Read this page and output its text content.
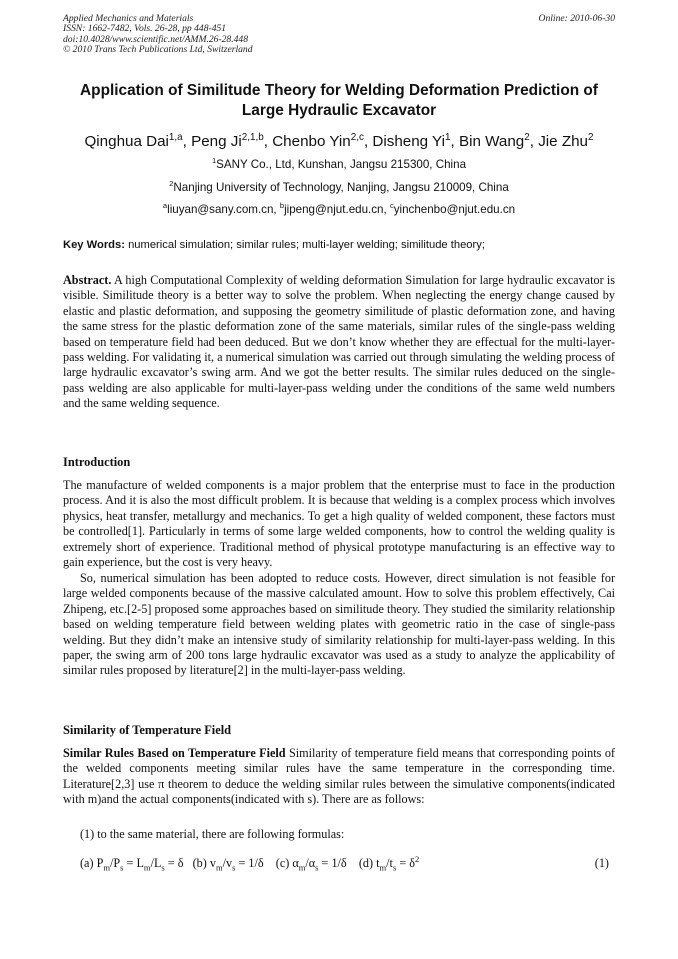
Applied Mechanics and Materials
ISSN: 1662-7482, Vols. 26-28, pp 448-451
doi:10.4028/www.scientific.net/AMM.26-28.448
© 2010 Trans Tech Publications Ltd, Switzerland
Online: 2010-06-30
Application of Similitude Theory for Welding Deformation Prediction of Large Hydraulic Excavator
Qinghua Dai$^{1,a}$, Peng Ji$^{2,1,b}$, Chenbo Yin$^{2,c}$, Disheng Yi$^1$, Bin Wang$^2$, Jie Zhu$^2$
$^1$SANY Co., Ltd, Kunshan, Jangsu 215300, China
$^2$Nanjing University of Technology, Nanjing, Jangsu 210009, China
$^a$liuyan@sany.com.cn, $^b$jipeng@njut.edu.cn, $^c$yinchenbo@njut.edu.cn
Key Words: numerical simulation; similar rules; multi-layer welding; similitude theory;
Abstract. A high Computational Complexity of welding deformation Simulation for large hydraulic excavator is visible. Similitude theory is a better way to solve the problem. When neglecting the energy change caused by elastic and plastic deformation, and supposing the geometry similitude of plastic deformation zone, and having the same stress for the plastic deformation zone of the same materials, similar rules of the single-pass welding based on temperature field had been deduced. But we don’t know whether they are effectual for the multi-layer-pass welding. For validating it, a numerical simulation was carried out through simulating the welding process of large hydraulic excavator’s swing arm. And we got the better results. The similar rules deduced on the single-pass welding are also applicable for multi-layer-pass welding under the conditions of the same weld numbers and the same welding sequence.
Introduction
The manufacture of welded components is a major problem that the enterprise must to face in the production process. And it is also the most difficult problem. It is because that welding is a complex process which involves physics, heat transfer, metallurgy and mechanics. To get a high quality of welded component, these factors must be controlled[1]. Particularly in terms of some large welded components, how to control the welding quality is extremely short of experience. Traditional method of physical prototype manufacturing is an effective way to gain experience, but the cost is very heavy.
So, numerical simulation has been adopted to reduce costs. However, direct simulation is not feasible for large welded components because of the massive calculated amount. How to solve this problem effectively, Cai Zhipeng, etc.[2-5] proposed some approaches based on similitude theory. They studied the similarity relationship based on welding temperature field between welding plates with geometric ratio in the case of single-pass welding. But they didn’t make an intensive study of similarity relationship for multi-layer-pass welding. In this paper, the swing arm of 200 tons large hydraulic excavator was used as a study to analyze the applicability of similar rules proposed by literature[2] in the multi-layer-pass welding.
Similarity of Temperature Field
Similar Rules Based on Temperature Field Similarity of temperature field means that corresponding points of the welded components meeting similar rules have the same temperature in the corresponding time. Literature[2,3] use π theorem to deduce the welding similar rules between the simulative components(indicated with m)and the actual components(indicated with s). There are as follows:
(1) to the same material, there are following formulas:
(a) $P_m/P_s = L_m/L_s = \delta$   (b) $v_m/v_s = 1/\delta$    (c) $\alpha_m/\alpha_s = 1/\delta$    (d) $t_m/t_s = \delta^2$	(1)
